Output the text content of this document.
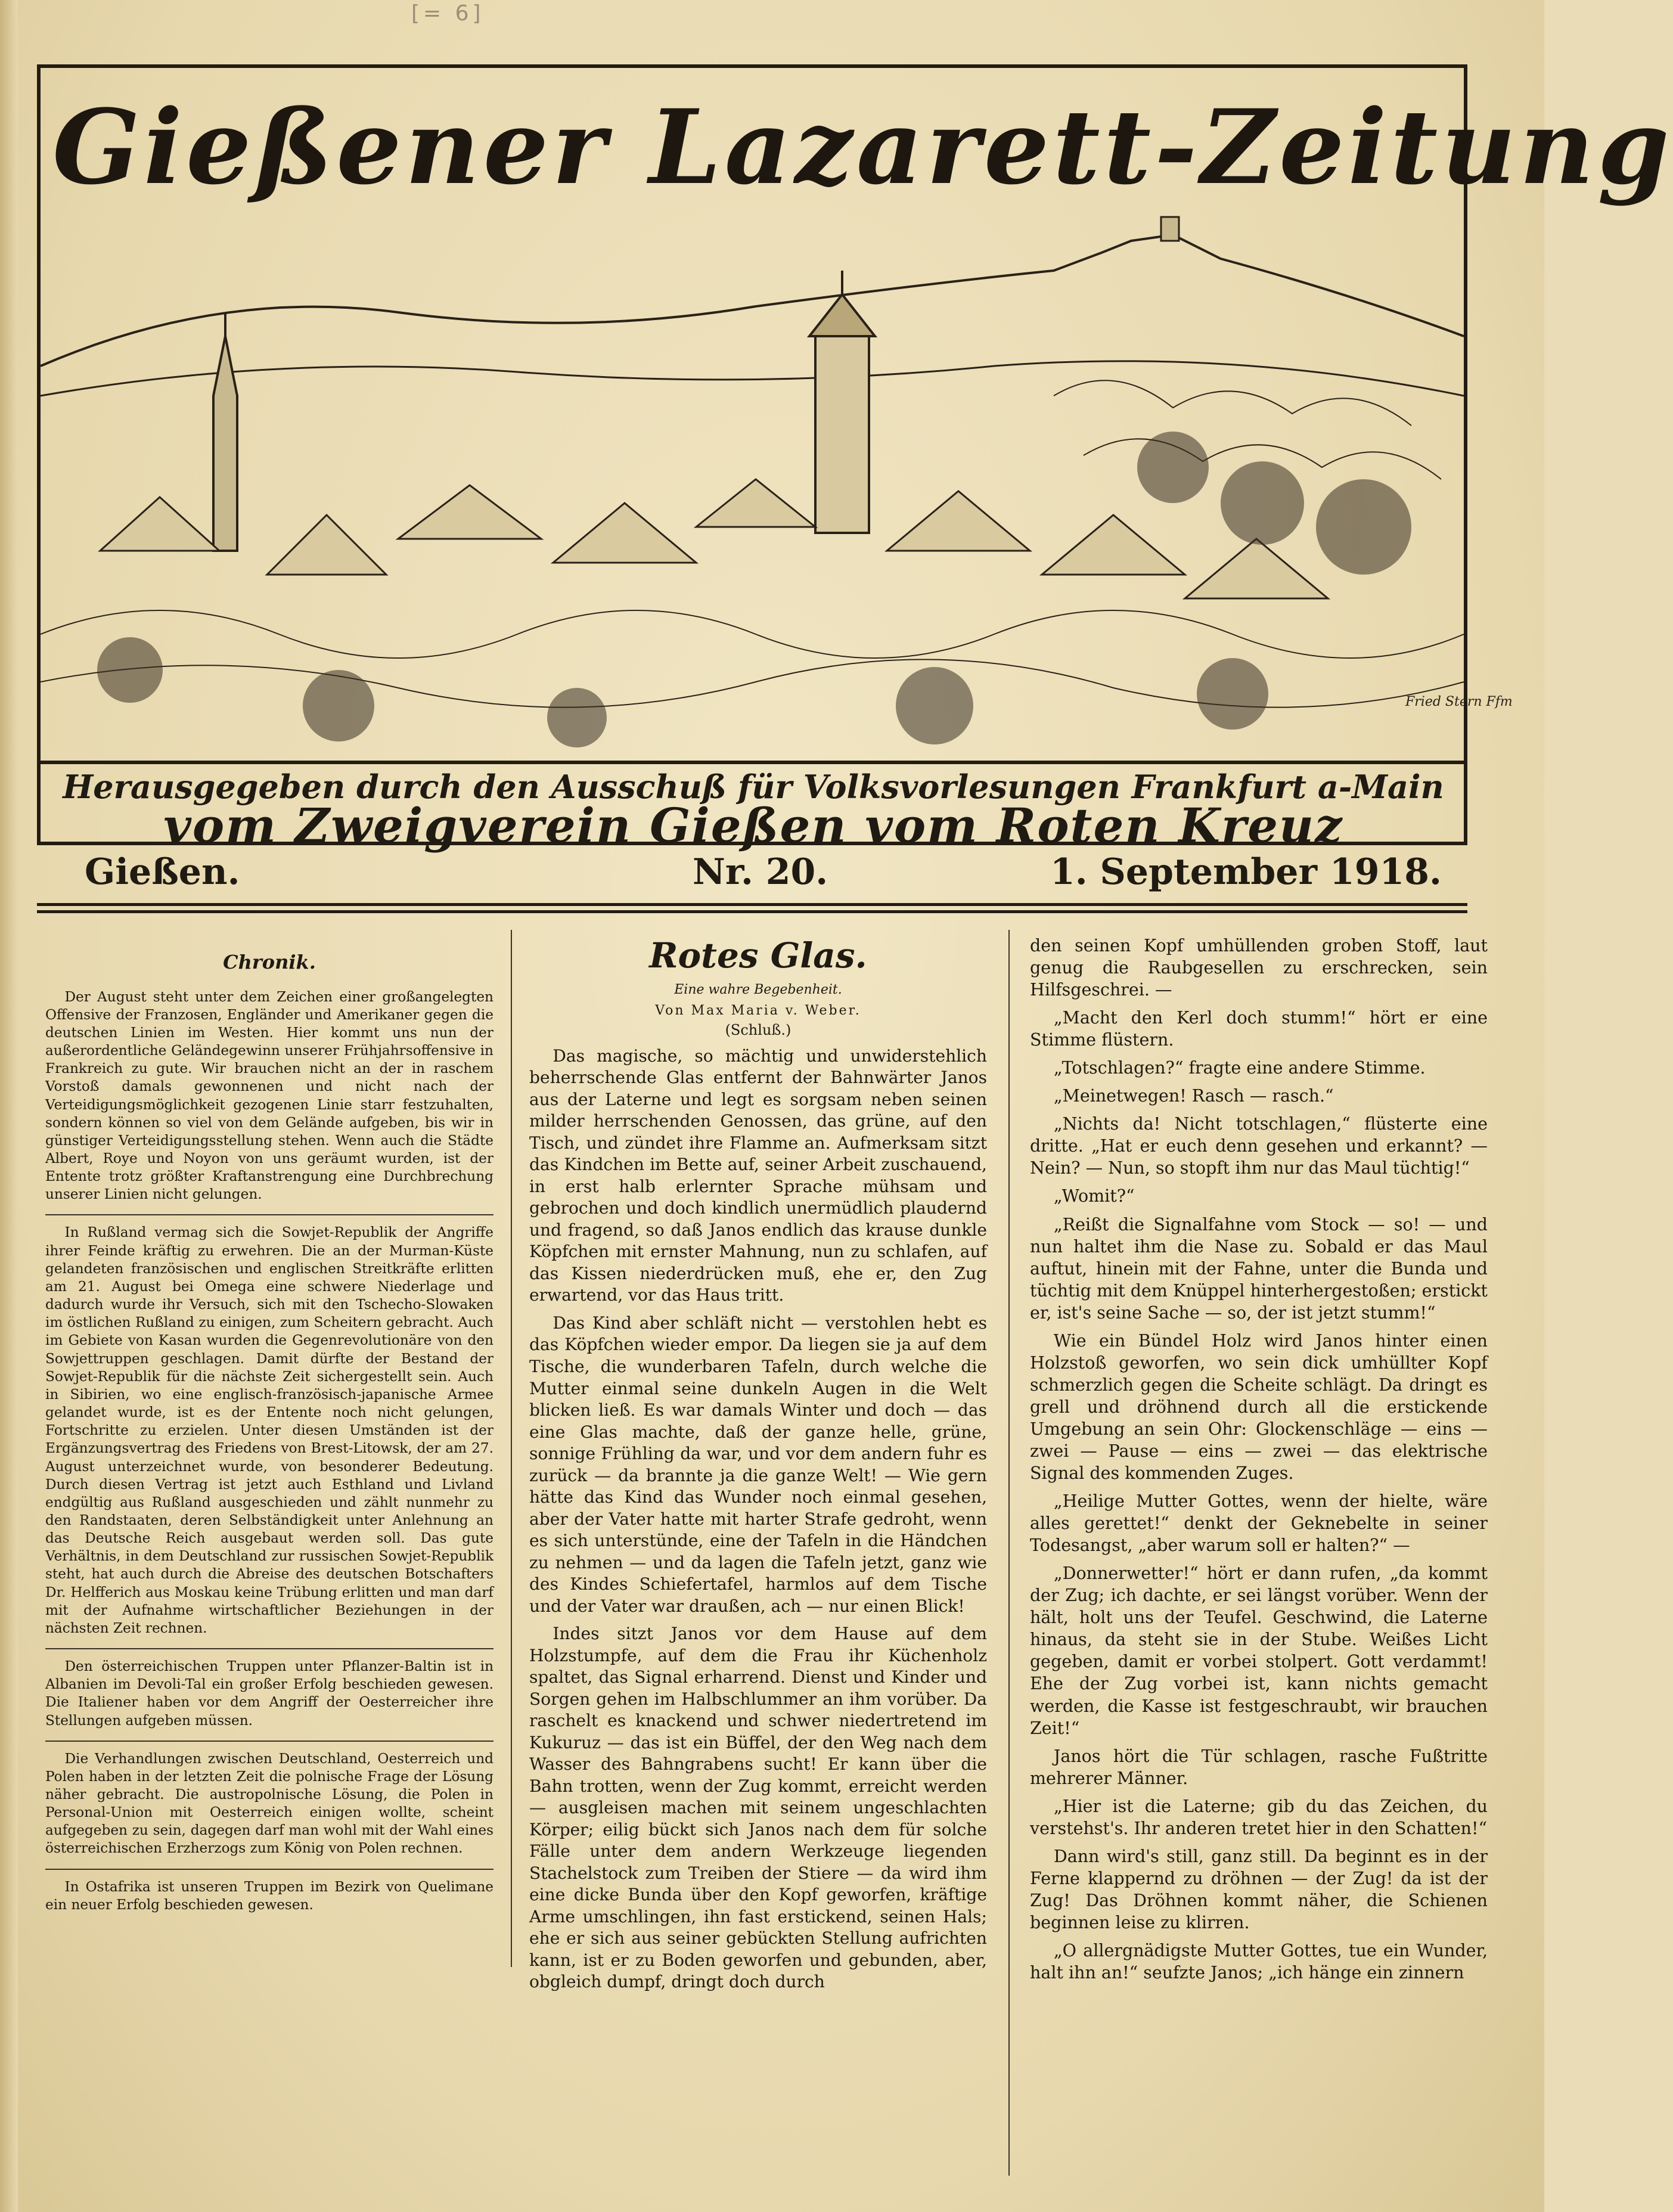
[= 6]
Gießener Lazarett-Zeitung
Fried Stern Ffm
Herausgegeben durch den Ausschuß für Volksvorlesungen Frankfurt a-Main
vom Zweigverein Gießen vom Roten Kreuz
Gießen.	Nr. 20.	1. September 1918.
Chronik.

Der August steht unter dem Zeichen einer großangelegten Offensive der Franzosen, Engländer und Amerikaner gegen die deutschen Linien im Westen. Hier kommt uns nun der außerordentliche Geländegewinn unserer Frühjahrsoffensive in Frankreich zu gute. Wir brauchen nicht an der in raschem Vorstoß damals gewonnenen und nicht nach der Verteidigungsmöglichkeit gezogenen Linie starr festzuhalten, sondern können so viel von dem Gelände aufgeben, bis wir in günstiger Verteidigungsstellung stehen. Wenn auch die Städte Albert, Roye und Noyon von uns geräumt wurden, ist der Entente trotz größter Kraftanstrengung eine Durchbrechung unserer Linien nicht gelungen.

In Rußland vermag sich die Sowjet-Republik der Angriffe ihrer Feinde kräftig zu erwehren. Die an der Murman-Küste gelandeten französischen und englischen Streitkräfte erlitten am 21. August bei Omega eine schwere Niederlage und dadurch wurde ihr Versuch, sich mit den Tschecho-Slowaken im östlichen Rußland zu einigen, zum Scheitern gebracht. Auch im Gebiete von Kasan wurden die Gegenrevolutionäre von den Sowjettruppen geschlagen. Damit dürfte der Bestand der Sowjet-Republik für die nächste Zeit sichergestellt sein. Auch in Sibirien, wo eine englisch-französisch-japanische Armee gelandet wurde, ist es der Entente noch nicht gelungen, Fortschritte zu erzielen. Unter diesen Umständen ist der Ergänzungsvertrag des Friedens von Brest-Litowsk, der am 27. August unterzeichnet wurde, von besonderer Bedeutung. Durch diesen Vertrag ist jetzt auch Esthland und Livland endgültig aus Rußland ausgeschieden und zählt nunmehr zu den Randstaaten, deren Selbständigkeit unter Anlehnung an das Deutsche Reich ausgebaut werden soll. Das gute Verhältnis, in dem Deutschland zur russischen Sowjet-Republik steht, hat auch durch die Abreise des deutschen Botschafters Dr. Helfferich aus Moskau keine Trübung erlitten und man darf mit der Aufnahme wirtschaftlicher Beziehungen in der nächsten Zeit rechnen.

Den österreichischen Truppen unter Pflanzer-Baltin ist in Albanien im Devoli-Tal ein großer Erfolg beschieden gewesen. Die Italiener haben vor dem Angriff der Oesterreicher ihre Stellungen aufgeben müssen.

Die Verhandlungen zwischen Deutschland, Oesterreich und Polen haben in der letzten Zeit die polnische Frage der Lösung näher gebracht. Die austropolnische Lösung, die Polen in Personal-Union mit Oesterreich einigen wollte, scheint aufgegeben zu sein, dagegen darf man wohl mit der Wahl eines österreichischen Erzherzogs zum König von Polen rechnen.

In Ostafrika ist unseren Truppen im Bezirk von Quelimane ein neuer Erfolg beschieden gewesen.

Rotes Glas.
Eine wahre Begebenheit.
Von Max Maria v. Weber.
(Schluß.)

Das magische, so mächtig und unwiderstehlich beherrschende Glas entfernt der Bahnwärter Janos aus der Laterne und legt es sorgsam neben seinen milder herrschenden Genossen, das grüne, auf den Tisch, und zündet ihre Flamme an. Aufmerksam sitzt das Kindchen im Bette auf, seiner Arbeit zuschauend, in erst halb erlernter Sprache mühsam und gebrochen und doch kindlich unermüdlich plaudernd und fragend, so daß Janos endlich das krause dunkle Köpfchen mit ernster Mahnung, nun zu schlafen, auf das Kissen niederdrücken muß, ehe er, den Zug erwartend, vor das Haus tritt.

Das Kind aber schläft nicht — verstohlen hebt es das Köpfchen wieder empor. Da liegen sie ja auf dem Tische, die wunderbaren Tafeln, durch welche die Mutter einmal seine dunkeln Augen in die Welt blicken ließ. Es war damals Winter und doch — das eine Glas machte, daß der ganze helle, grüne, sonnige Frühling da war, und vor dem andern fuhr es zurück — da brannte ja die ganze Welt! — Wie gern hätte das Kind das Wunder noch einmal gesehen, aber der Vater hatte mit harter Strafe gedroht, wenn es sich unterstünde, eine der Tafeln in die Händchen zu nehmen — und da lagen die Tafeln jetzt, ganz wie des Kindes Schiefertafel, harmlos auf dem Tische und der Vater war draußen, ach — nur einen Blick!

Indes sitzt Janos vor dem Hause auf dem Holzstumpfe, auf dem die Frau ihr Küchenholz spaltet, das Signal erharrend. Dienst und Kinder und Sorgen gehen im Halbschlummer an ihm vorüber. Da raschelt es knackend und schwer niedertretend im Kukuruz — das ist ein Büffel, der den Weg nach dem Wasser des Bahngrabens sucht! Er kann über die Bahn trotten, wenn der Zug kommt, erreicht werden — ausgleisen machen mit seinem ungeschlachten Körper; eilig bückt sich Janos nach dem für solche Fälle unter dem andern Werkzeuge liegenden Stachelstock zum Treiben der Stiere — da wird ihm eine dicke Bunda über den Kopf geworfen, kräftige Arme umschlingen, ihn fast erstickend, seinen Hals; ehe er sich aus seiner gebückten Stellung aufrichten kann, ist er zu Boden geworfen und gebunden, aber, obgleich dumpf, dringt doch durch

den seinen Kopf umhüllenden groben Stoff, laut genug die Raubgesellen zu erschrecken, sein Hilfsgeschrei. —

„Macht den Kerl doch stumm!“ hört er eine Stimme flüstern.

„Totschlagen?“ fragte eine andere Stimme.

„Meinetwegen! Rasch — rasch.“

„Nichts da! Nicht totschlagen,“ flüsterte eine dritte. „Hat er euch denn gesehen und erkannt? — Nein? — Nun, so stopft ihm nur das Maul tüchtig!“

„Womit?“

„Reißt die Signalfahne vom Stock — so! — und nun haltet ihm die Nase zu. Sobald er das Maul auftut, hinein mit der Fahne, unter die Bunda und tüchtig mit dem Knüppel hinterhergestoßen; erstickt er, ist's seine Sache — so, der ist jetzt stumm!“

Wie ein Bündel Holz wird Janos hinter einen Holzstoß geworfen, wo sein dick umhüllter Kopf schmerzlich gegen die Scheite schlägt. Da dringt es grell und dröhnend durch all die erstickende Umgebung an sein Ohr: Glockenschläge — eins — zwei — Pause — eins — zwei — das elektrische Signal des kommenden Zuges.

„Heilige Mutter Gottes, wenn der hielte, wäre alles gerettet!“ denkt der Geknebelte in seiner Todesangst, „aber warum soll er halten?“ —

„Donnerwetter!“ hört er dann rufen, „da kommt der Zug; ich dachte, er sei längst vorüber. Wenn der hält, holt uns der Teufel. Geschwind, die Laterne hinaus, da steht sie in der Stube. Weißes Licht gegeben, damit er vorbei stolpert. Gott verdammt! Ehe der Zug vorbei ist, kann nichts gemacht werden, die Kasse ist festgeschraubt, wir brauchen Zeit!“

Janos hört die Tür schlagen, rasche Fußtritte mehrerer Männer.

„Hier ist die Laterne; gib du das Zeichen, du verstehst's. Ihr anderen tretet hier in den Schatten!“

Dann wird's still, ganz still. Da beginnt es in der Ferne klappernd zu dröhnen — der Zug! da ist der Zug! Das Dröhnen kommt näher, die Schienen beginnen leise zu klirren.

„O allergnädigste Mutter Gottes, tue ein Wunder, halt ihn an!“ seufzte Janos; „ich hänge ein zinnern
